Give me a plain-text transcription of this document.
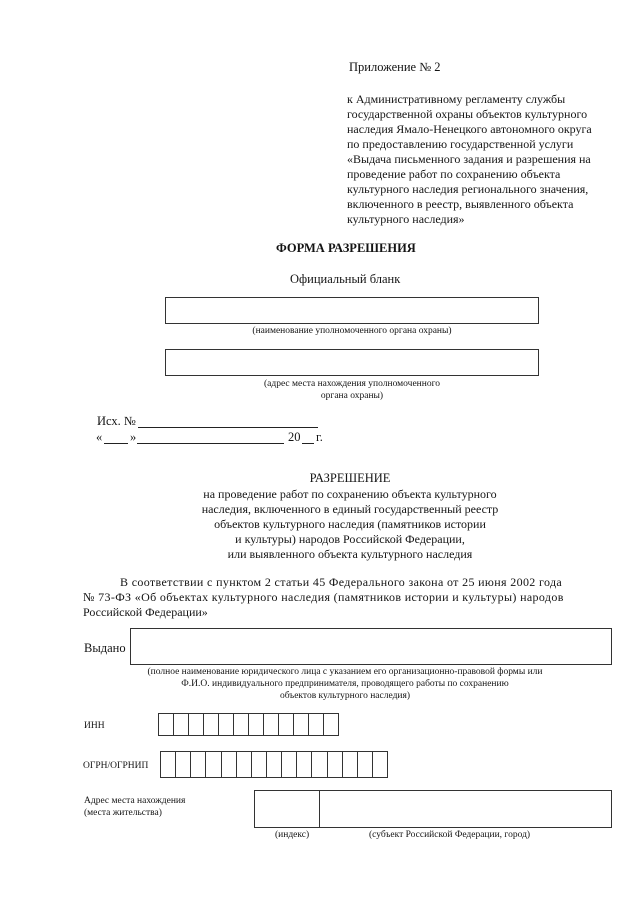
Приложение № 2
к Административному регламенту службы
государственной охраны объектов культурного
наследия Ямало-Ненецкого автономного округа
по предоставлению государственной услуги
«Выдача письменного задания и разрешения на
проведение работ по сохранению объекта
культурного наследия регионального значения,
включенного в реестр, выявленного объекта
культурного наследия»
ФОРМА РАЗРЕШЕНИЯ
Официальный бланк
(наименование уполномоченного органа охраны)
(адрес места нахождения уполномоченного
органа охраны)
Исх. №
« »	20 г.
РАЗРЕШЕНИЕ
на проведение работ по сохранению объекта культурного
наследия, включенного в единый государственный реестр
объектов культурного наследия (памятников истории
и культуры) народов Российской Федерации,
или выявленного объекта культурного наследия
В соответствии с пунктом 2 статьи 45 Федерального закона от 25 июня 2002 года
№ 73-ФЗ «Об объектах культурного наследия (памятников истории и культуры) народов
Российской Федерации»
Выдано
(полное наименование юридического лица с указанием его организационно-правовой формы или
Ф.И.О. индивидуального предпринимателя, проводящего работы по сохранению
объектов культурного наследия)
ИНН
ОГРН/ОГРНИП
Адрес места нахождения
(места жительства)
(индекс)	(субъект Российской Федерации, город)
